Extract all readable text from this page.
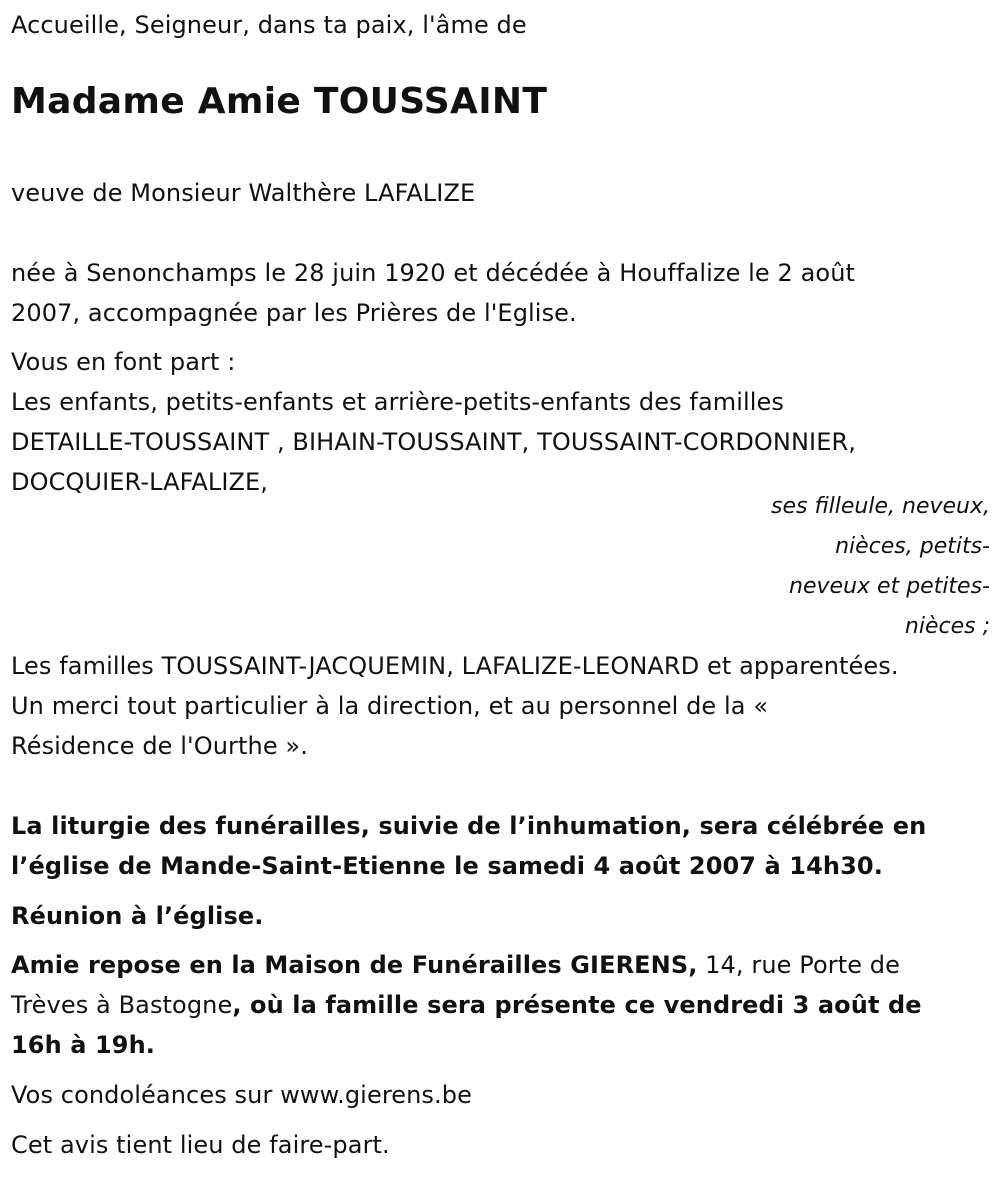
Accueille, Seigneur, dans ta paix, l'âme de
Madame Amie TOUSSAINT
veuve de Monsieur Walthère LAFALIZE
née à Senonchamps le 28 juin 1920 et décédée à Houffalize le 2 août
2007, accompagnée par les Prières de l'Eglise.
Vous en font part :
Les enfants, petits-enfants et arrière-petits-enfants des familles
DETAILLE-TOUSSAINT , BIHAIN-TOUSSAINT, TOUSSAINT-CORDONNIER,
DOCQUIER-LAFALIZE,
ses filleule, neveux,
nièces, petits-
neveux et petites-
nièces ;
Les familles TOUSSAINT-JACQUEMIN, LAFALIZE-LEONARD et apparentées.
Un merci tout particulier à la direction, et au personnel de la «
Résidence de l'Ourthe ».
La liturgie des funérailles, suivie de l’inhumation, sera célébrée en
l’église de Mande-Saint-Etienne le samedi 4 août 2007 à 14h30.
Réunion à l’église.
Amie repose en la Maison de Funérailles GIERENS, 14, rue Porte de
Trèves à Bastogne, où la famille sera présente ce vendredi 3 août de
16h à 19h.
Vos condoléances sur www.gierens.be
Cet avis tient lieu de faire-part.
